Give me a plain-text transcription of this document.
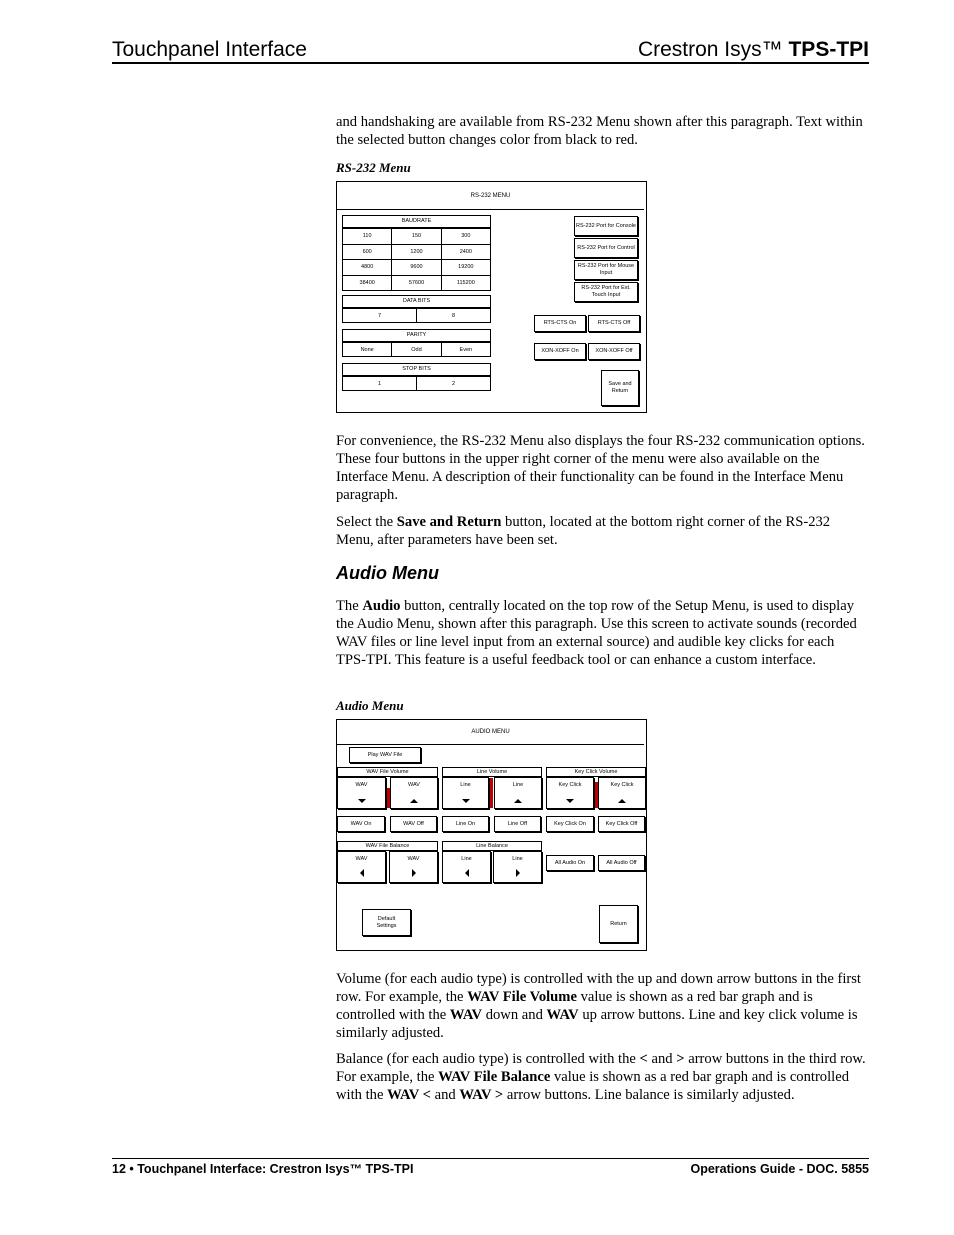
Touchpanel Interface	Crestron Isys™ TPS-TPI
and handshaking are available from RS-232 Menu shown after this paragraph. Text within the selected button changes color from black to red.
RS-232 Menu
RS-232 MENU
BAUDRATE
110	150	300
600	1200	2400
4800	9600	19200
38400	57600	115200
DATA BITS
7	8
PARITY
None	Odd	Even
STOP BITS
1	2
RS-232 Port for Console
RS-232 Port for Control
RS-232 Port for Mouse Input
RS-232 Port for Ext. Touch Input
RTS-CTS On	RTS-CTS Off
XON-XOFF On	XON-XOFF Off
Save and Return
For convenience, the RS-232 Menu also displays the four RS-232 communication options. These four buttons in the upper right corner of the menu were also available on the Interface Menu. A description of their functionality can be found in the Interface Menu paragraph.
Select the Save and Return button, located at the bottom right corner of the RS-232 Menu, after parameters have been set.
Audio Menu
The Audio button, centrally located on the top row of the Setup Menu, is used to display the Audio Menu, shown after this paragraph. Use this screen to activate sounds (recorded WAV files or line level input from an external source) and audible key clicks for each TPS-TPI. This feature is a useful feedback tool or can enhance a custom interface.
Audio Menu
AUDIO MENU
Play WAV File
WAV File Volume	Line Volume	Key Click Volume
WAV	WAV	Line	Line	Key Click	Key Click
WAV On	WAV Off	Line On	Line Off	Key Click On	Key Click Off
WAV File Balance	Line Balance
WAV	WAV	Line	Line
All Audio On	All Audio Off
Default Settings	Return
Volume (for each audio type) is controlled with the up and down arrow buttons in the first row. For example, the WAV File Volume value is shown as a red bar graph and is controlled with the WAV down and WAV up arrow buttons. Line and key click volume is similarly adjusted.
Balance (for each audio type) is controlled with the < and > arrow buttons in the third row. For example, the WAV File Balance value is shown as a red bar graph and is controlled with the WAV < and WAV > arrow buttons. Line balance is similarly adjusted.
12 • Touchpanel Interface: Crestron Isys™ TPS-TPI	Operations Guide - DOC. 5855
